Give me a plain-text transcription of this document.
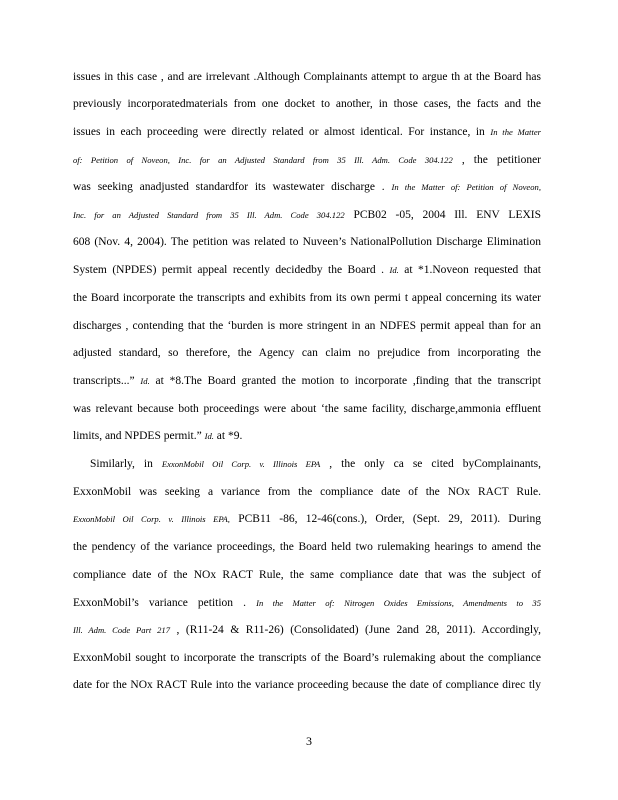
issues in this case , and are irrelevant .Although Complainants attempt to argue th at the Board has
previously incorporatedmaterials from one docket to another, in those cases, the facts and the
issues in each proceeding were directly related or almost identical. For instance, in In the Matter
of: Petition of Noveon, Inc. for an Adjusted Standard from 35 Ill. Adm. Code 304.122 , the petitioner
was seeking anadjusted standardfor its wastewater discharge . In the Matter of: Petition of Noveon,
Inc. for an Adjusted Standard from 35 Ill. Adm. Code 304.122 PCB02 -05, 2004 Ill. ENV LEXIS
608 (Nov. 4, 2004). The petition was related to Nuveen’s NationalPollution Discharge Elimination
System (NPDES) permit appeal recently decidedby the Board . Id. at *1.Noveon requested that
the Board incorporate the transcripts and exhibits from its own permi t appeal concerning its water
discharges , contending that the ‘burden is more stringent in an NDFES permit appeal than for an
adjusted standard, so therefore, the Agency can claim no prejudice from incorporating the
transcripts...” Id. at *8.The Board granted the motion to incorporate ,finding that the transcript
was relevant because both proceedings were about ‘the same facility, discharge,ammonia effluent
limits, and NPDES permit.” Id. at *9.
Similarly, in ExxonMobil Oil Corp. v. Illinois EPA , the only ca se cited byComplainants,
ExxonMobil was seeking a variance from the compliance date of the NOx RACT Rule.
ExxonMobil Oil Corp. v. Illinois EPA, PCB11 -86, 12-46(cons.), Order, (Sept. 29, 2011). During
the pendency of the variance proceedings, the Board held two rulemaking hearings to amend the
compliance date of the NOx RACT Rule, the same compliance date that was the subject of
ExxonMobil’s variance petition . In the Matter of: Nitrogen Oxides Emissions, Amendments to 35
Ill. Adm. Code Part 217 , (R11-24 & R11-26) (Consolidated) (June 2and 28, 2011). Accordingly,
ExxonMobil sought to incorporate the transcripts of the Board’s rulemaking about the compliance
date for the NOx RACT Rule into the variance proceeding because the date of compliance direc tly
3
